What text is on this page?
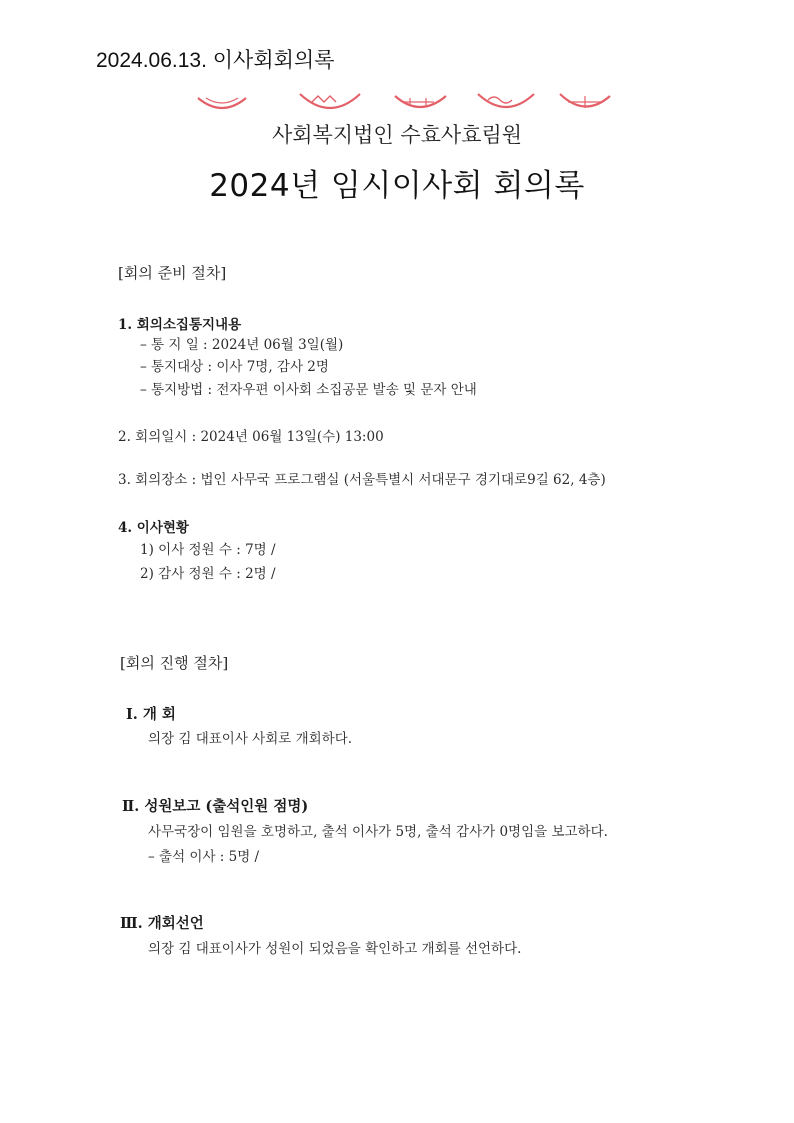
2024.06.13. 이사회회의록
사회복지법인 수효사효림원
2024년 임시이사회 회의록
[회의 준비 절차]
1. 회의소집통지내용
– 통 지 일 : 2024년 06월 3일(월)
– 통지대상 : 이사 7명, 감사 2명
– 통지방법 : 전자우편 이사회 소집공문 발송 및 문자 안내
2. 회의일시 : 2024년 06월 13일(수) 13:00
3. 회의장소 : 법인 사무국 프로그램실 (서울특별시 서대문구 경기대로9길 62, 4층)
4. 이사현황
1) 이사 정원 수 : 7명 /
2) 감사 정원 수 : 2명 /
[회의 진행 절차]
Ⅰ. 개 회
의장 김 대표이사 사회로 개회하다.
Ⅱ. 성원보고 (출석인원 점명)
사무국장이 임원을 호명하고, 출석 이사가 5명, 출석 감사가 0명임을 보고하다.
– 출석 이사 : 5명 /
Ⅲ. 개회선언
의장 김 대표이사가 성원이 되었음을 확인하고 개회를 선언하다.
